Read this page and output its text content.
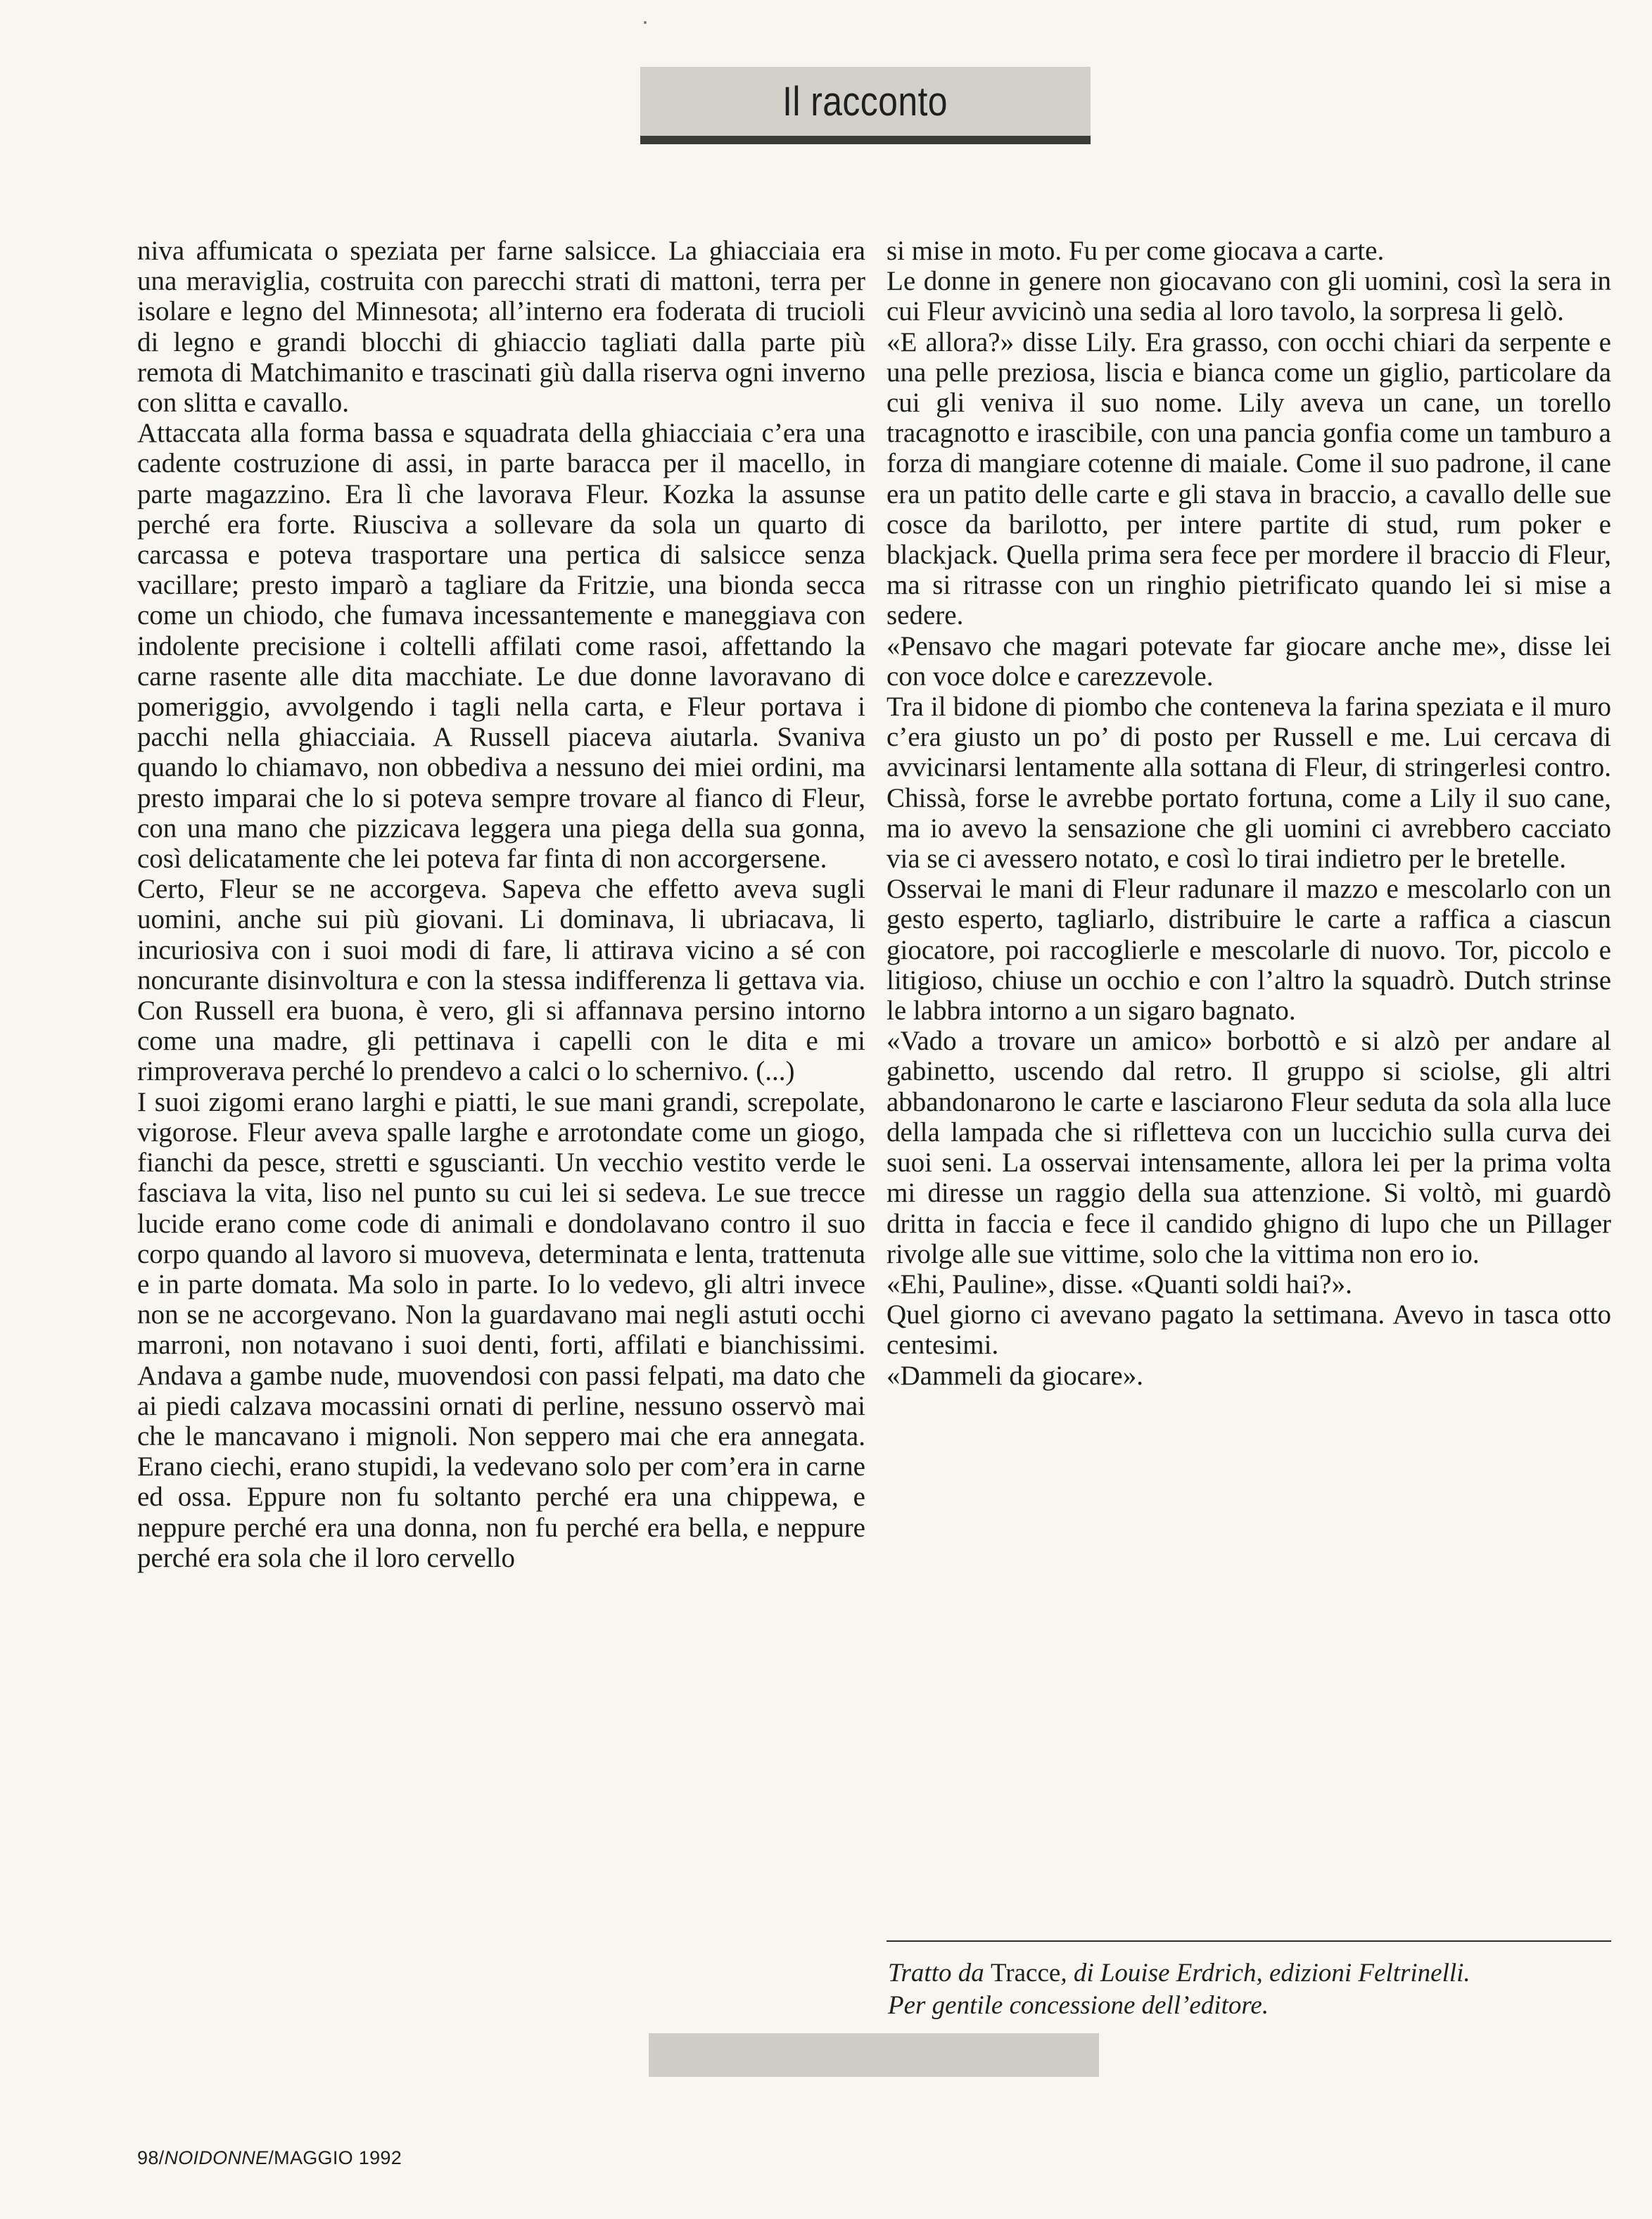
Il racconto

niva affumicata o speziata per farne salsicce. La ghiacciaia era una meraviglia, costruita con parecchi strati di mattoni, terra per isolare e legno del Minnesota; all’interno era foderata di trucioli di legno e grandi blocchi di ghiaccio tagliati dalla parte più remota di Matchimanito e trascinati giù dalla riserva ogni inverno con slitta e cavallo.

Attaccata alla forma bassa e squadrata della ghiacciaia c’era una cadente costruzione di assi, in parte baracca per il macello, in parte magazzino. Era lì che lavorava Fleur. Kozka la assunse perché era forte. Riusciva a sollevare da sola un quarto di carcassa e poteva trasportare una pertica di salsicce senza vacillare; presto imparò a tagliare da Fritzie, una bionda secca come un chiodo, che fumava incessantemente e maneggiava con indolente precisione i coltelli affilati come rasoi, affettando la carne rasente alle dita macchiate. Le due donne lavoravano di pomeriggio, avvolgendo i tagli nella carta, e Fleur portava i pacchi nella ghiacciaia. A Russell piaceva aiutarla. Svaniva quando lo chiamavo, non obbediva a nessuno dei miei ordini, ma presto imparai che lo si poteva sempre trovare al fianco di Fleur, con una mano che pizzicava leggera una piega della sua gonna, così delicatamente che lei poteva far finta di non accorgersene.

Certo, Fleur se ne accorgeva. Sapeva che effetto aveva sugli uomini, anche sui più giovani. Li dominava, li ubriacava, li incuriosiva con i suoi modi di fare, li attirava vicino a sé con noncurante disinvoltura e con la stessa indifferenza li gettava via. Con Russell era buona, è vero, gli si affannava persino intorno come una madre, gli pettinava i capelli con le dita e mi rimproverava perché lo prendevo a calci o lo schernivo. (...)

I suoi zigomi erano larghi e piatti, le sue mani grandi, screpolate, vigorose. Fleur aveva spalle larghe e arrotondate come un giogo, fianchi da pesce, stretti e sguscianti. Un vecchio vestito verde le fasciava la vita, liso nel punto su cui lei si sedeva. Le sue trecce lucide erano come code di animali e dondolavano contro il suo corpo quando al lavoro si muoveva, determinata e lenta, trattenuta e in parte domata. Ma solo in parte. Io lo vedevo, gli altri invece non se ne accorgevano. Non la guardavano mai negli astuti occhi marroni, non notavano i suoi denti, forti, affilati e bianchissimi. Andava a gambe nude, muovendosi con passi felpati, ma dato che ai piedi calzava mocassini ornati di perline, nessuno osservò mai che le mancavano i mignoli. Non seppero mai che era annegata. Erano ciechi, erano stupidi, la vedevano solo per com’era in carne ed ossa. Eppure non fu soltanto perché era una chippewa, e neppure perché era una donna, non fu perché era bella, e neppure perché era sola che il loro cervello

si mise in moto. Fu per come giocava a carte.

Le donne in genere non giocavano con gli uomini, così la sera in cui Fleur avvicinò una sedia al loro tavolo, la sorpresa li gelò.

«E allora?» disse Lily. Era grasso, con occhi chiari da serpente e una pelle preziosa, liscia e bianca come un giglio, particolare da cui gli veniva il suo nome. Lily aveva un cane, un torello tracagnotto e irascibile, con una pancia gonfia come un tamburo a forza di mangiare cotenne di maiale. Come il suo padrone, il cane era un patito delle carte e gli stava in braccio, a cavallo delle sue cosce da barilotto, per intere partite di stud, rum poker e blackjack. Quella prima sera fece per mordere il braccio di Fleur, ma si ritrasse con un ringhio pietrificato quando lei si mise a sedere.

«Pensavo che magari potevate far giocare anche me», disse lei con voce dolce e carezzevole.

Tra il bidone di piombo che conteneva la farina speziata e il muro c’era giusto un po’ di posto per Russell e me. Lui cercava di avvicinarsi lentamente alla sottana di Fleur, di stringerlesi contro. Chissà, forse le avrebbe portato fortuna, come a Lily il suo cane, ma io avevo la sensazione che gli uomini ci avrebbero cacciato via se ci avessero notato, e così lo tirai indietro per le bretelle.

Osservai le mani di Fleur radunare il mazzo e mescolarlo con un gesto esperto, tagliarlo, distribuire le carte a raffica a ciascun giocatore, poi raccoglierle e mescolarle di nuovo. Tor, piccolo e litigioso, chiuse un occhio e con l’altro la squadrò. Dutch strinse le labbra intorno a un sigaro bagnato.

«Vado a trovare un amico» borbottò e si alzò per andare al gabinetto, uscendo dal retro. Il gruppo si sciolse, gli altri abbandonarono le carte e lasciarono Fleur seduta da sola alla luce della lampada che si rifletteva con un luccichio sulla curva dei suoi seni. La osservai intensamente, allora lei per la prima volta mi diresse un raggio della sua attenzione. Si voltò, mi guardò dritta in faccia e fece il candido ghigno di lupo che un Pillager rivolge alle sue vittime, solo che la vittima non ero io.

«Ehi, Pauline», disse. «Quanti soldi hai?».

Quel giorno ci avevano pagato la settimana. Avevo in tasca otto centesimi.

«Dammeli da giocare».

Tratto da Tracce, di Louise Erdrich, edizioni Feltrinelli.
Per gentile concessione dell’editore.
98/NOIDONNE/MAGGIO 1992
